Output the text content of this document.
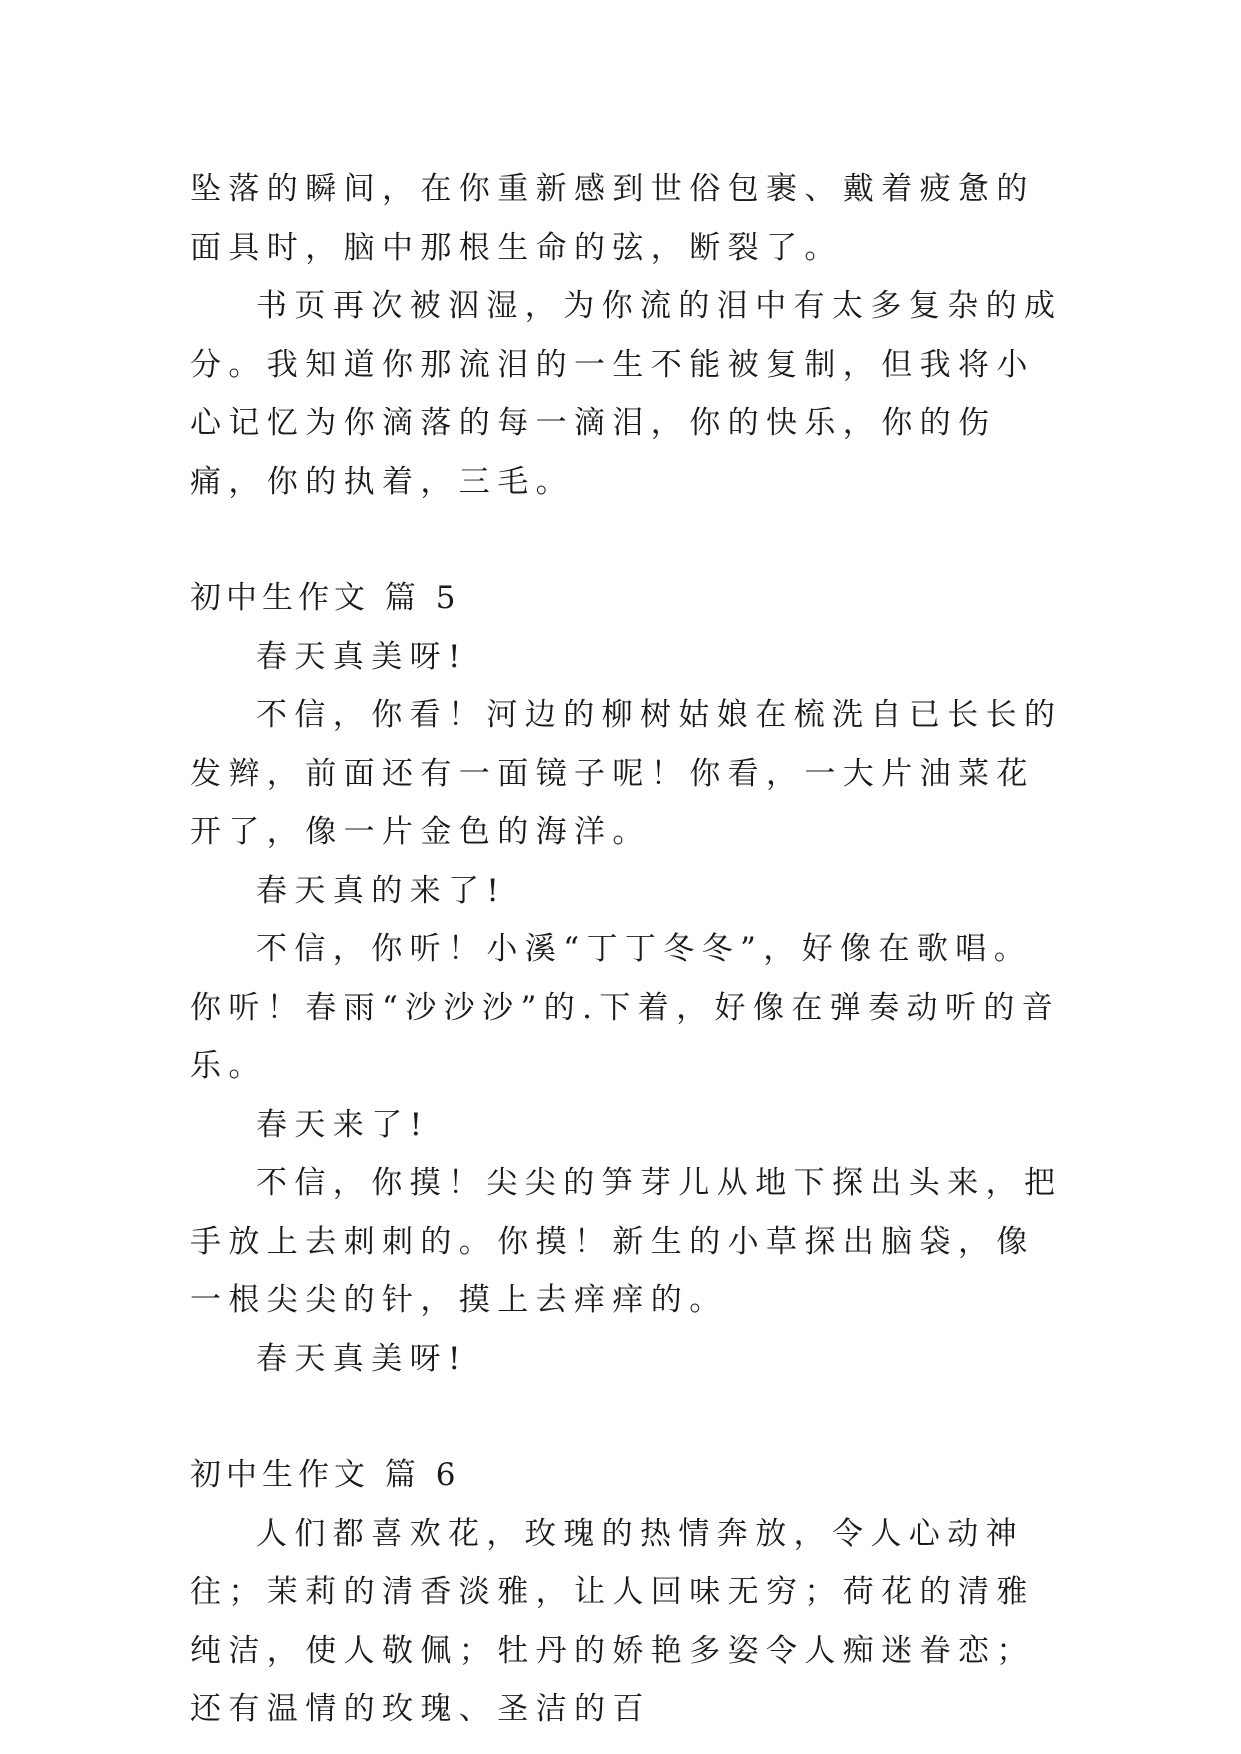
坠落的瞬间，在你重新感到世俗包裹、戴着疲惫的面具时，脑中那根生命的弦，断裂了。

书页再次被泅湿，为你流的泪中有太多复杂的成分。我知道你那流泪的一生不能被复制，但我将小心记忆为你滴落的每一滴泪，你的快乐，你的伤痛，你的执着，三毛。

初中生作文 篇 5

春天真美呀!

不信，你看！河边的柳树姑娘在梳洗自已长长的发辫，前面还有一面镜子呢！你看，一大片油菜花开了，像一片金色的海洋。

春天真的来了!

不信，你听！小溪“丁丁冬冬”，好像在歌唱。你听！春雨“沙沙沙”的.下着，好像在弹奏动听的音乐。

春天来了!

不信，你摸！尖尖的笋芽儿从地下探出头来，把手放上去刺刺的。你摸！新生的小草探出脑袋，像一根尖尖的针，摸上去痒痒的。

春天真美呀!

初中生作文 篇 6

人们都喜欢花，玫瑰的热情奔放，令人心动神往；茉莉的清香淡雅，让人回味无穷；荷花的清雅纯洁，使人敬佩；牡丹的娇艳多姿令人痴迷眷恋；还有温情的玫瑰、圣洁的百
